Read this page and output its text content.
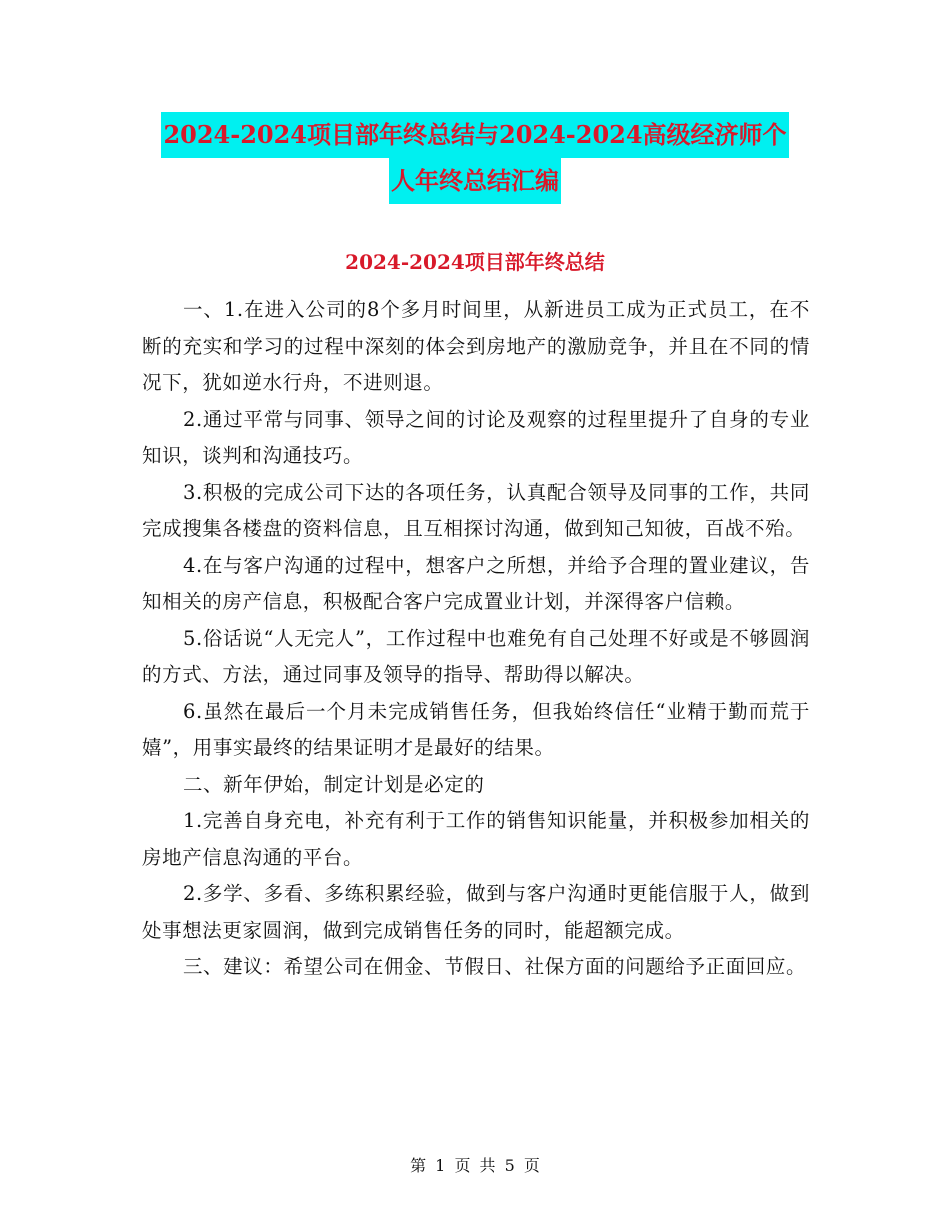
2024-2024项目部年终总结与2024-2024高级经济师个
人年终总结汇编
2024-2024项目部年终总结

一、1.在进入公司的8个多月时间里，从新进员工成为正式员工，在不断的充实和学习的过程中深刻的体会到房地产的激励竞争，并且在不同的情况下，犹如逆水行舟，不进则退。

2.通过平常与同事、领导之间的讨论及观察的过程里提升了自身的专业知识，谈判和沟通技巧。

3.积极的完成公司下达的各项任务，认真配合领导及同事的工作，共同完成搜集各楼盘的资料信息，且互相探讨沟通，做到知己知彼，百战不殆。

4.在与客户沟通的过程中，想客户之所想，并给予合理的置业建议，告知相关的房产信息，积极配合客户完成置业计划，并深得客户信赖。

5.俗话说“人无完人”，工作过程中也难免有自己处理不好或是不够圆润的方式、方法，通过同事及领导的指导、帮助得以解决。

6.虽然在最后一个月未完成销售任务，但我始终信任“业精于勤而荒于嬉”，用事实最终的结果证明才是最好的结果。

二、新年伊始，制定计划是必定的

1.完善自身充电，补充有利于工作的销售知识能量，并积极参加相关的房地产信息沟通的平台。

2.多学、多看、多练积累经验，做到与客户沟通时更能信服于人，做到处事想法更家圆润，做到完成销售任务的同时，能超额完成。

三、建议：希望公司在佣金、节假日、社保方面的问题给予正面回应。

第 1 页 共 5 页
